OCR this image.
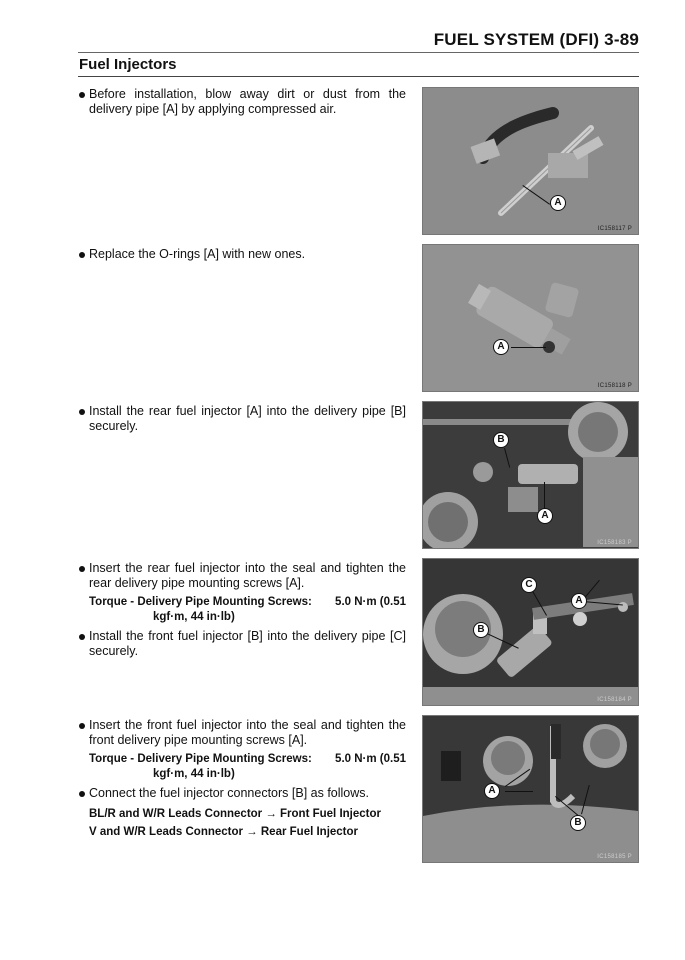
FUEL SYSTEM (DFI) 3-89
Fuel Injectors
Before installation, blow away dirt or dust from the delivery pipe [A] by applying compressed air.
Replace the O-rings [A] with new ones.
Install the rear fuel injector [A] into the delivery pipe [B] securely.
Insert the rear fuel injector into the seal and tighten the rear delivery pipe mounting screws [A].
Torque - Delivery Pipe Mounting Screws: 5.0 N·m (0.51
kgf·m, 44 in·lb)
Install the front fuel injector [B] into the delivery pipe [C] securely.
Insert the front fuel injector into the seal and tighten the front delivery pipe mounting screws [A].
Torque - Delivery Pipe Mounting Screws: 5.0 N·m (0.51
kgf·m, 44 in·lb)
Connect the fuel injector connectors [B] as follows.
BL/R and W/R Leads Connector → Front Fuel Injector
V and W/R Leads Connector → Rear Fuel Injector
A
IC158117 P
A
IC158118 P
B
A
IC158183 P
C
A
B
IC158184 P
A
B
IC158185 P
